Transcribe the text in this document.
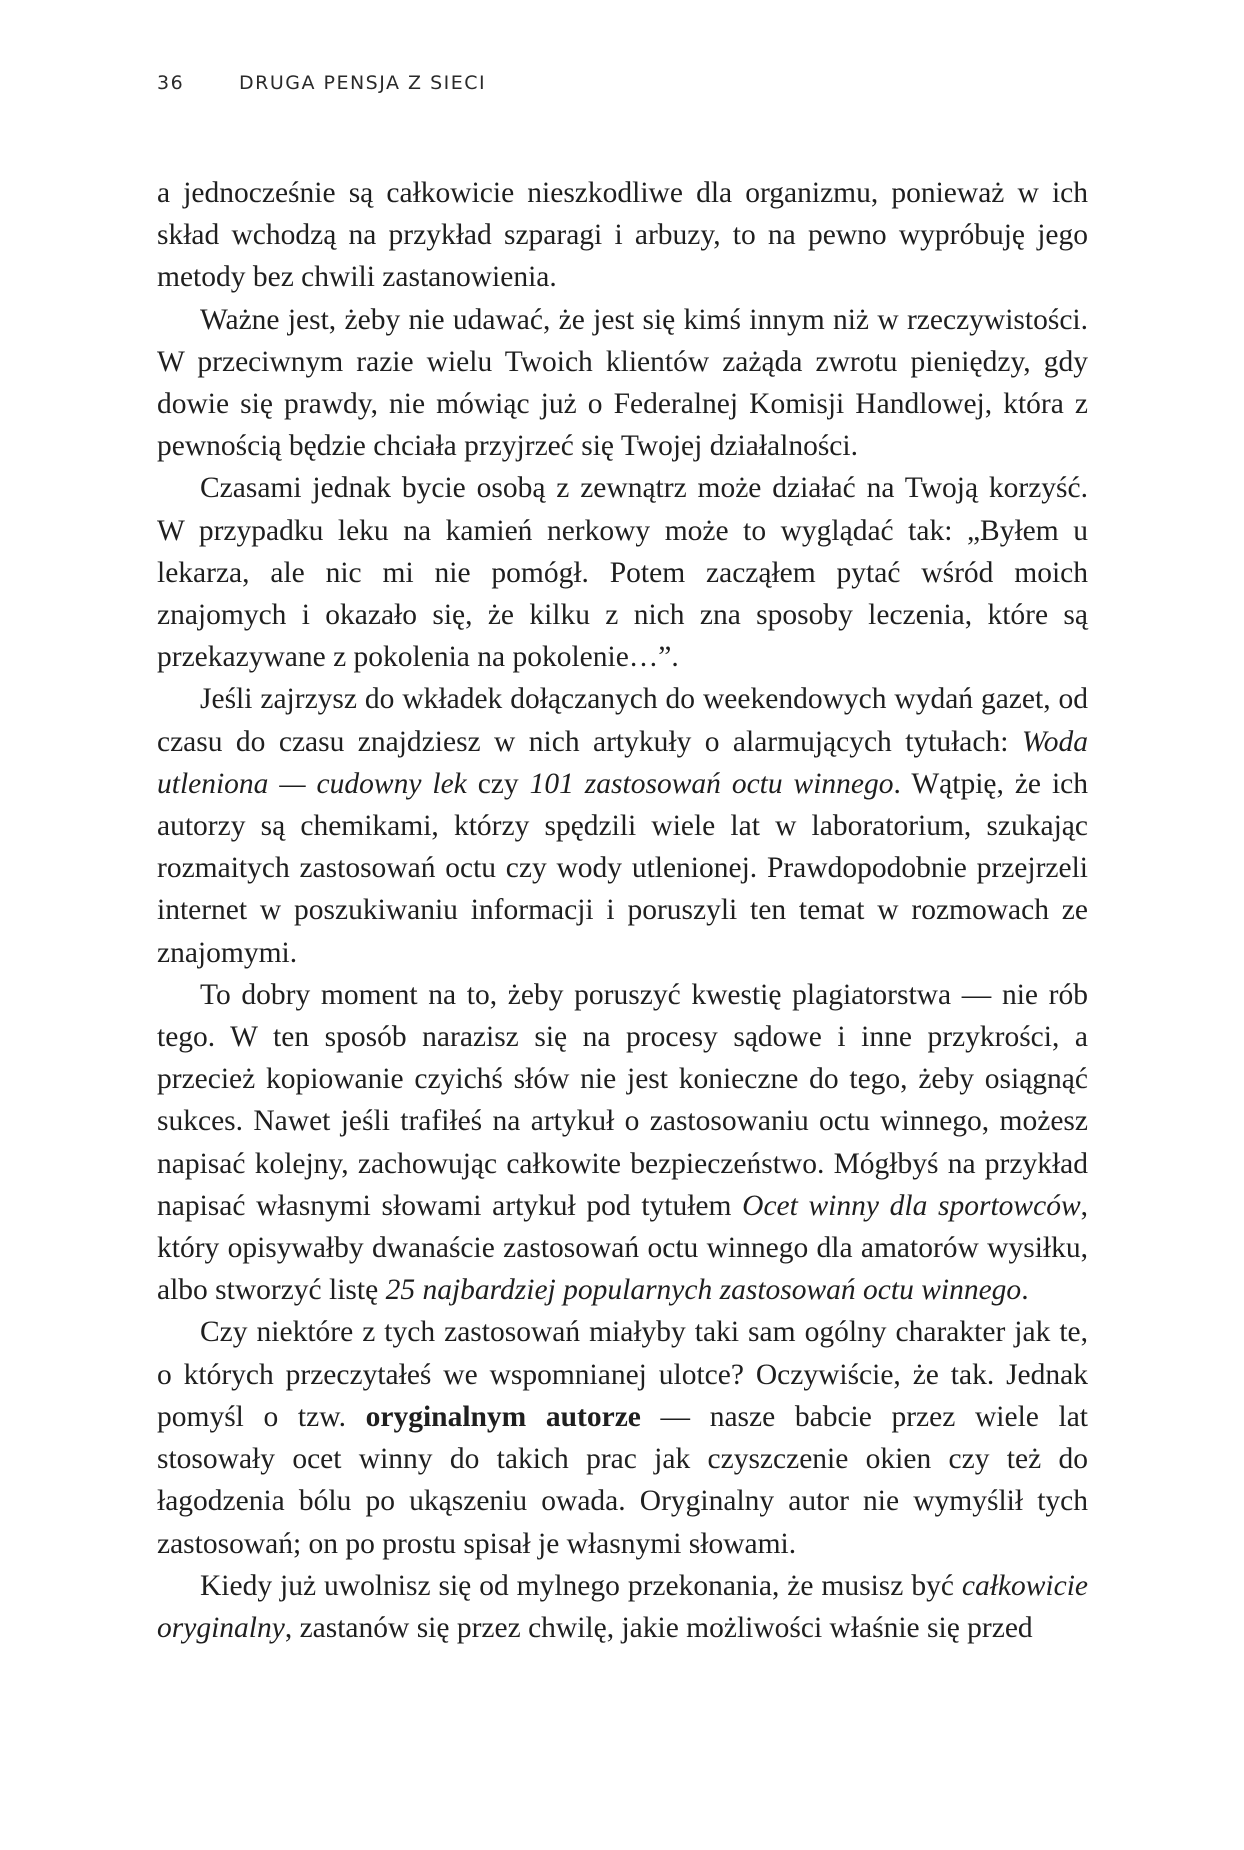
36	DRUGA PENSJA Z SIECI

a jednocześnie są całkowicie nieszkodliwe dla organizmu, ponieważ w ich skład wchodzą na przykład szparagi i arbuzy, to na pewno wypróbuję jego metody bez chwili zastanowienia.

Ważne jest, żeby nie udawać, że jest się kimś innym niż w rzeczywistości. W przeciwnym razie wielu Twoich klientów zażąda zwrotu pieniędzy, gdy dowie się prawdy, nie mówiąc już o Federalnej Komisji Handlowej, która z pewnością będzie chciała przyjrzeć się Twojej działalności.

Czasami jednak bycie osobą z zewnątrz może działać na Twoją korzyść. W przypadku leku na kamień nerkowy może to wyglądać tak: „Byłem u lekarza, ale nic mi nie pomógł. Potem zacząłem pytać wśród moich znajomych i okazało się, że kilku z nich zna sposoby leczenia, które są przekazywane z pokolenia na pokolenie…”.

Jeśli zajrzysz do wkładek dołączanych do weekendowych wydań gazet, od czasu do czasu znajdziesz w nich artykuły o alarmujących tytułach: Woda utleniona — cudowny lek czy 101 zastosowań octu winnego. Wątpię, że ich autorzy są chemikami, którzy spędzili wiele lat w laboratorium, szukając rozmaitych zastosowań octu czy wody utlenionej. Prawdopodobnie przejrzeli internet w poszukiwaniu informacji i poruszyli ten temat w rozmowach ze znajomymi.

To dobry moment na to, żeby poruszyć kwestię plagiatorstwa — nie rób tego. W ten sposób narazisz się na procesy sądowe i inne przykrości, a przecież kopiowanie czyichś słów nie jest konieczne do tego, żeby osiągnąć sukces. Nawet jeśli trafiłeś na artykuł o zastosowaniu octu winnego, możesz napisać kolejny, zachowując całkowite bezpieczeństwo. Mógłbyś na przykład napisać własnymi słowami artykuł pod tytułem Ocet winny dla sportowców, który opisywałby dwanaście zastosowań octu winnego dla amatorów wysiłku, albo stworzyć listę 25 najbardziej popularnych zastosowań octu winnego.

Czy niektóre z tych zastosowań miałyby taki sam ogólny charakter jak te, o których przeczytałeś we wspomnianej ulotce? Oczywiście, że tak. Jednak pomyśl o tzw. oryginalnym autorze — nasze babcie przez wiele lat stosowały ocet winny do takich prac jak czyszczenie okien czy też do łagodzenia bólu po ukąszeniu owada. Oryginalny autor nie wymyślił tych zastosowań; on po prostu spisał je własnymi słowami.

Kiedy już uwolnisz się od mylnego przekonania, że musisz być całkowicie oryginalny, zastanów się przez chwilę, jakie możliwości właśnie się przed
